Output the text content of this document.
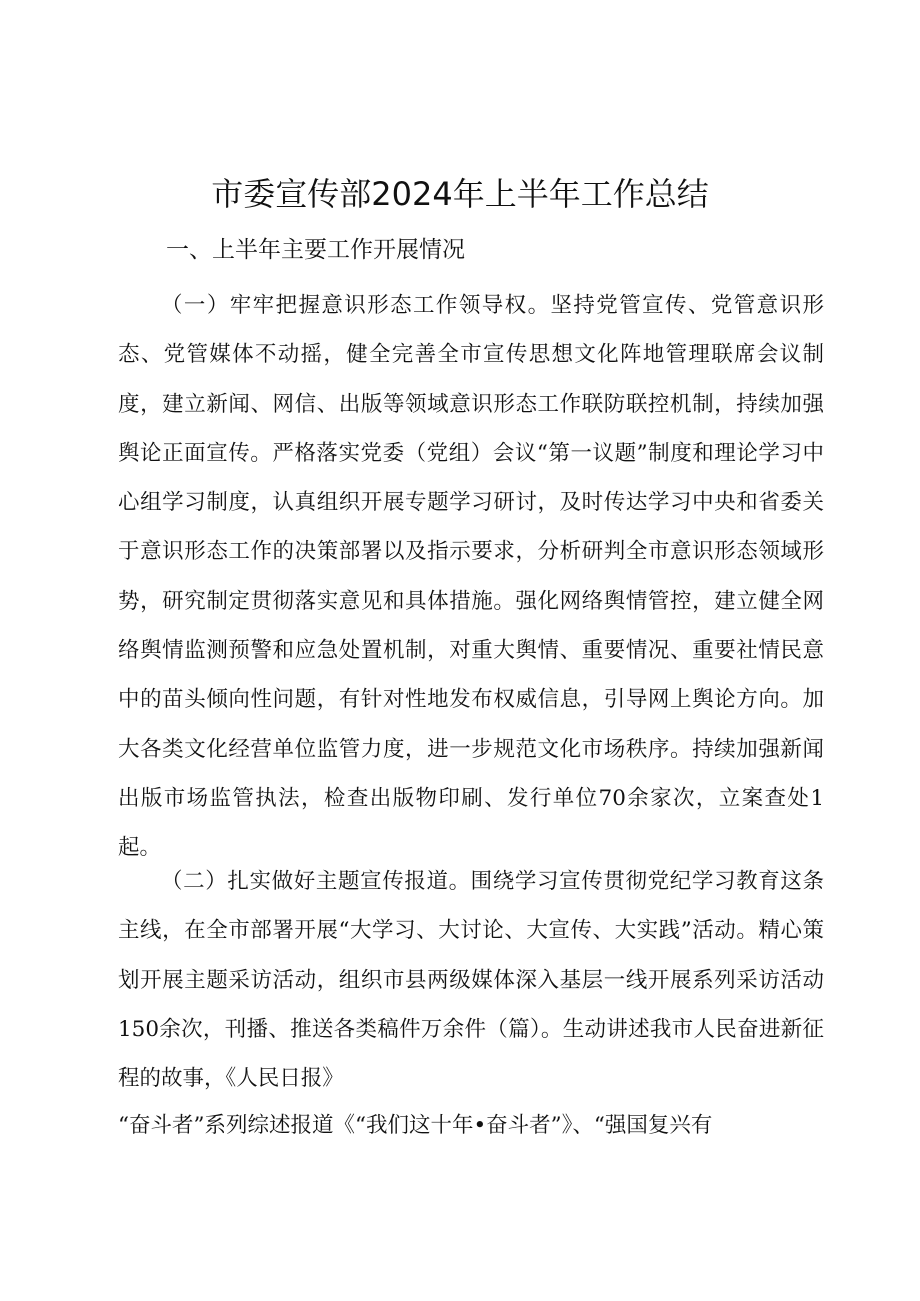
市委宣传部2024年上半年工作总结
一、上半年主要工作开展情况

（一）牢牢把握意识形态工作领导权。坚持党管宣传、党管意识形态、党管媒体不动摇，健全完善全市宣传思想文化阵地管理联席会议制度，建立新闻、网信、出版等领域意识形态工作联防联控机制，持续加强舆论正面宣传。严格落实党委（党组）会议“第一议题”制度和理论学习中心组学习制度，认真组织开展专题学习研讨，及时传达学习中央和省委关于意识形态工作的决策部署以及指示要求，分析研判全市意识形态领域形势，研究制定贯彻落实意见和具体措施。强化网络舆情管控，建立健全网络舆情监测预警和应急处置机制，对重大舆情、重要情况、重要社情民意中的苗头倾向性问题，有针对性地发布权威信息，引导网上舆论方向。加大各类文化经营单位监管力度，进一步规范文化市场秩序。持续加强新闻出版市场监管执法，检查出版物印刷、发行单位70余家次，立案查处1起。

（二）扎实做好主题宣传报道。围绕学习宣传贯彻党纪学习教育这条主线，在全市部署开展“大学习、大讨论、大宣传、大实践”活动。精心策划开展主题采访活动，组织市县两级媒体深入基层一线开展系列采访活动150余次，刊播、推送各类稿件万余件（篇）。生动讲述我市人民奋进新征程的故事，《人民日报》

“奋斗者”系列综述报道《“我们这十年•奋斗者”》、“强国复兴有
